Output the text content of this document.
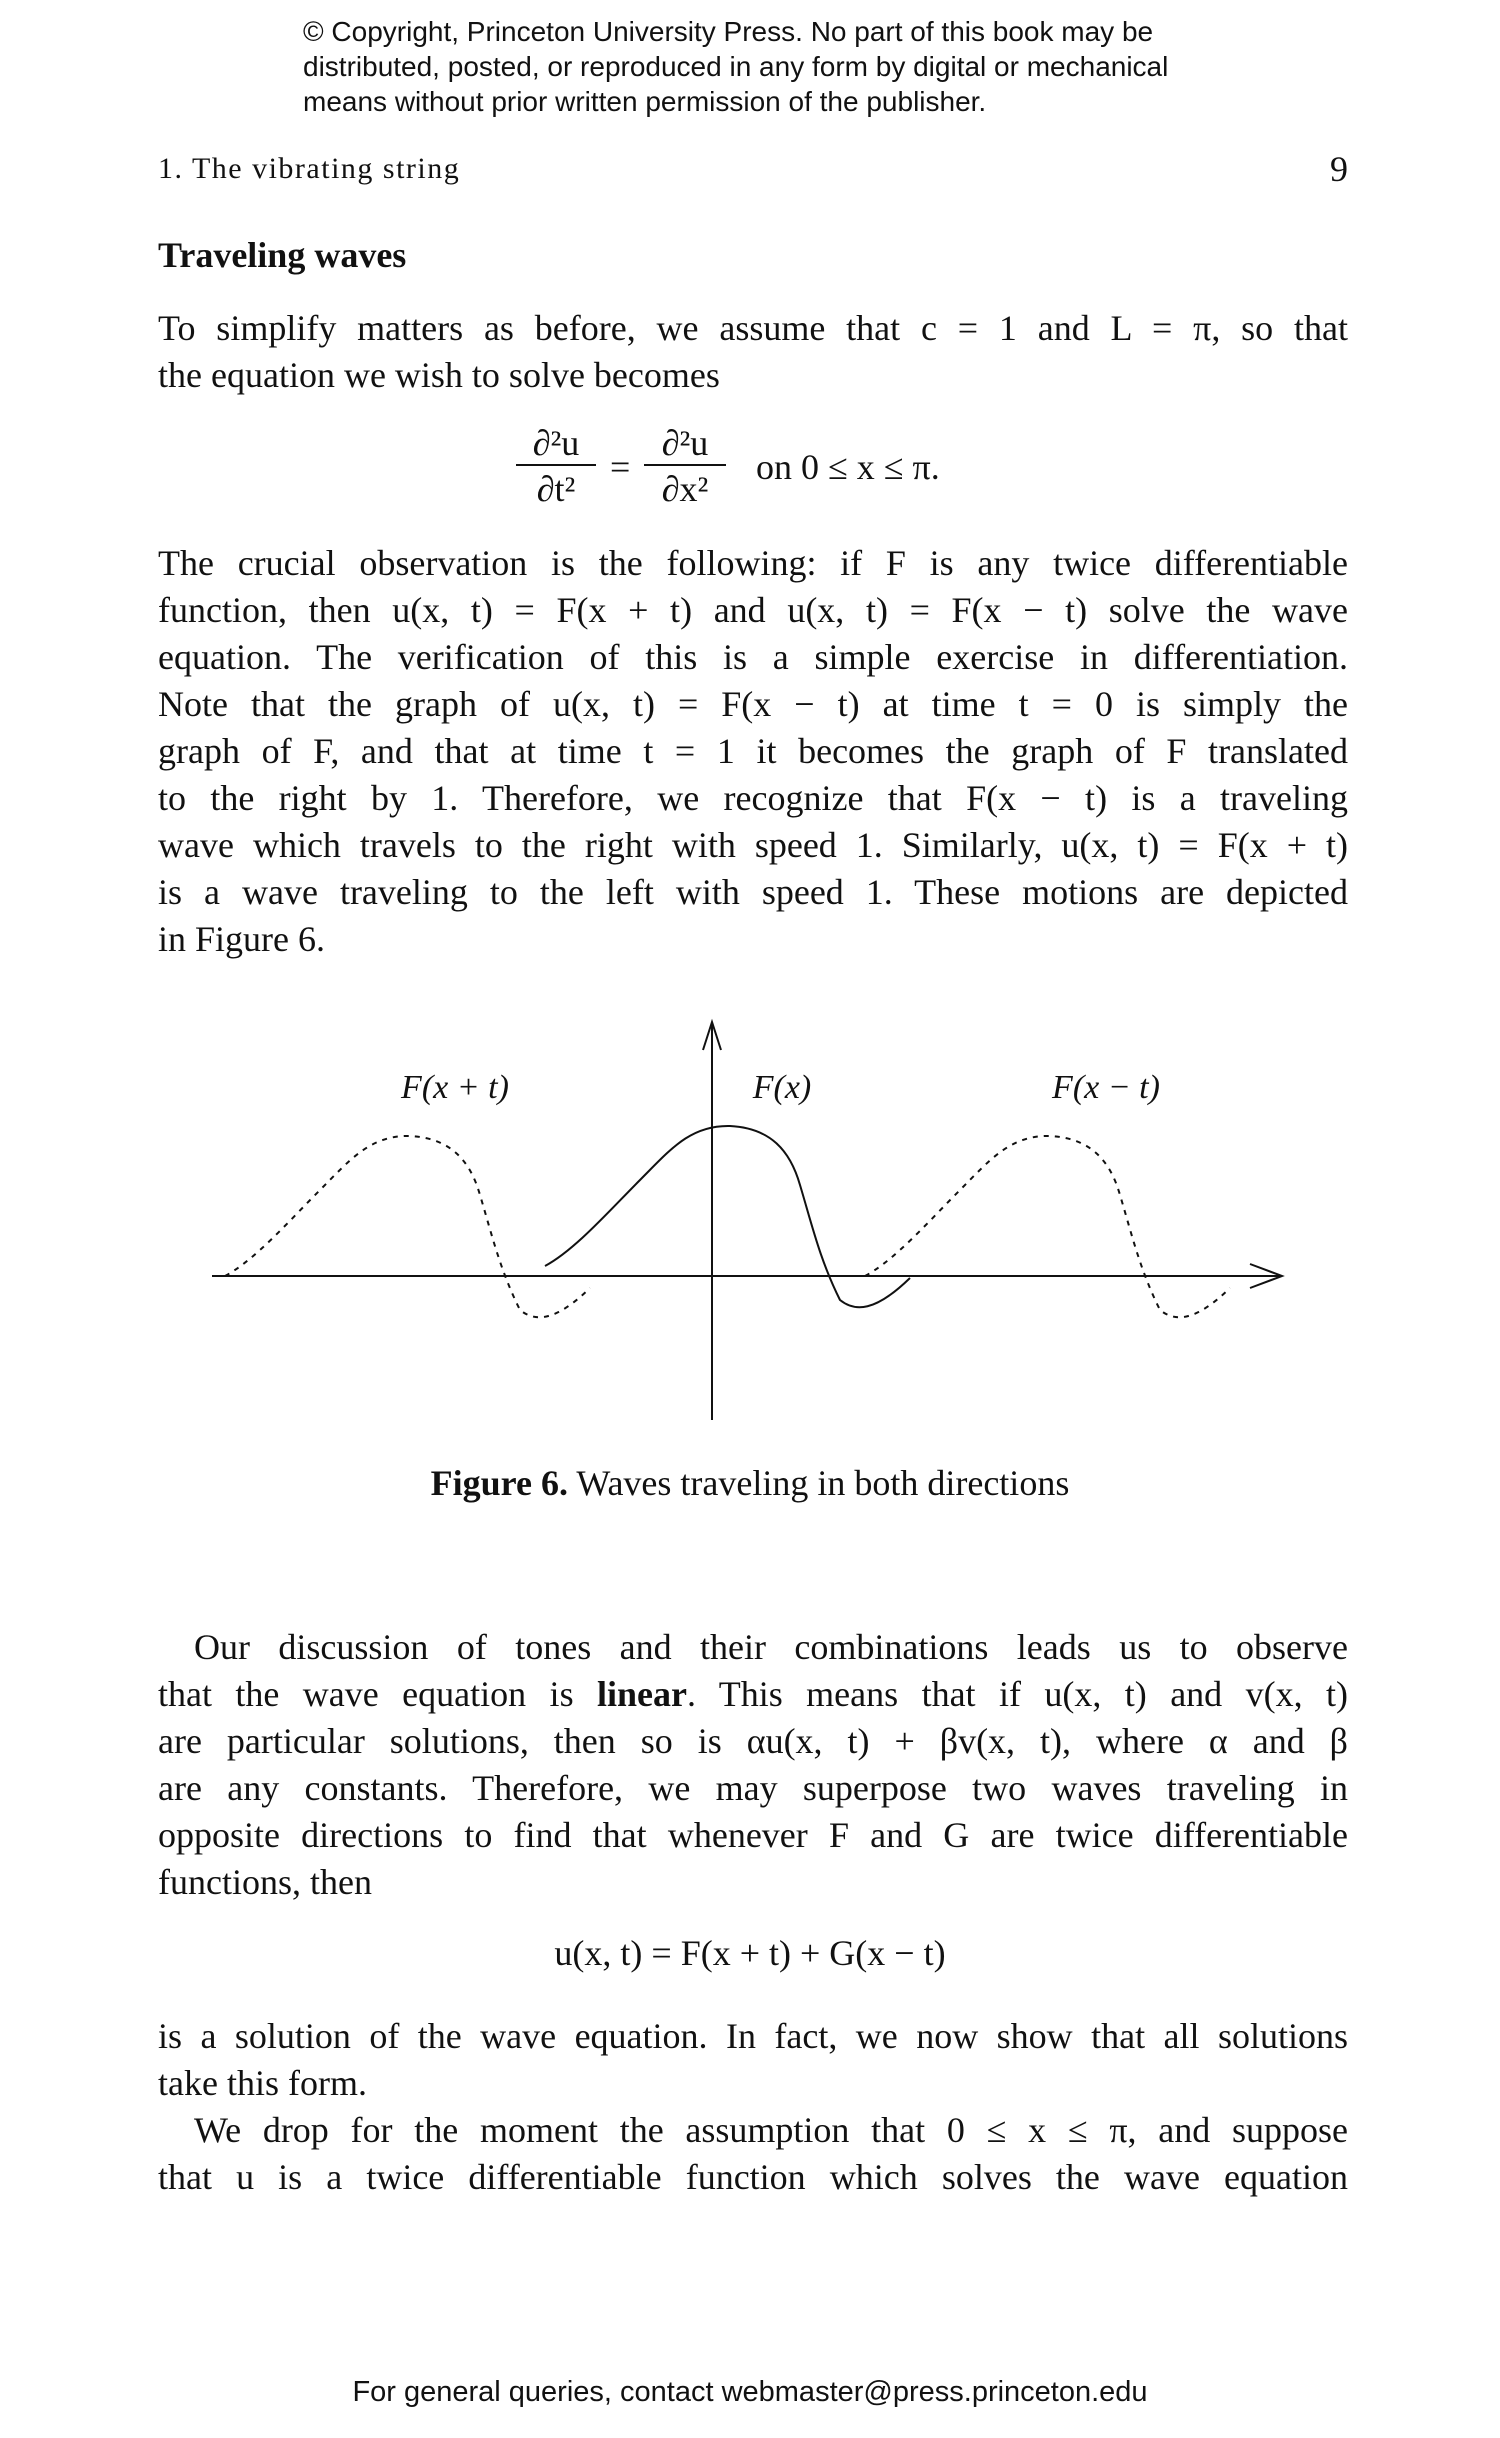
© Copyright, Princeton University Press. No part of this book may be
distributed, posted, or reproduced in any form by digital or mechanical
means without prior written permission of the publisher.
1. The vibrating string	9
Traveling waves
To simplify matters as before, we assume that c = 1 and L = π, so that
the equation we wish to solve becomes
$\frac{\text{∂²u}}{\text{∂t²}} = \frac{\text{∂²u}}{\text{∂x²}}$ on 0 ≤ x ≤ π.
The crucial observation is the following: if F is any twice differentiable
function, then u(x, t) = F(x + t) and u(x, t) = F(x − t) solve the wave
equation. The verification of this is a simple exercise in differentiation.
Note that the graph of u(x, t) = F(x − t) at time t = 0 is simply the
graph of F, and that at time t = 1 it becomes the graph of F translated
to the right by 1. Therefore, we recognize that F(x − t) is a traveling
wave which travels to the right with speed 1. Similarly, u(x, t) = F(x + t)
is a wave traveling to the left with speed 1. These motions are depicted
in Figure 6.
F(x + t)	F(x)	F(x − t)
Figure 6. Waves traveling in both directions
Our discussion of tones and their combinations leads us to observe
that the wave equation is linear. This means that if u(x, t) and v(x, t)
are particular solutions, then so is αu(x, t) + βv(x, t), where α and β
are any constants. Therefore, we may superpose two waves traveling in
opposite directions to find that whenever F and G are twice differentiable
functions, then
u(x, t) = F(x + t) + G(x − t)
is a solution of the wave equation. In fact, we now show that all solutions
take this form.
We drop for the moment the assumption that 0 ≤ x ≤ π, and suppose
that u is a twice differentiable function which solves the wave equation
For general queries, contact webmaster@press.princeton.edu
